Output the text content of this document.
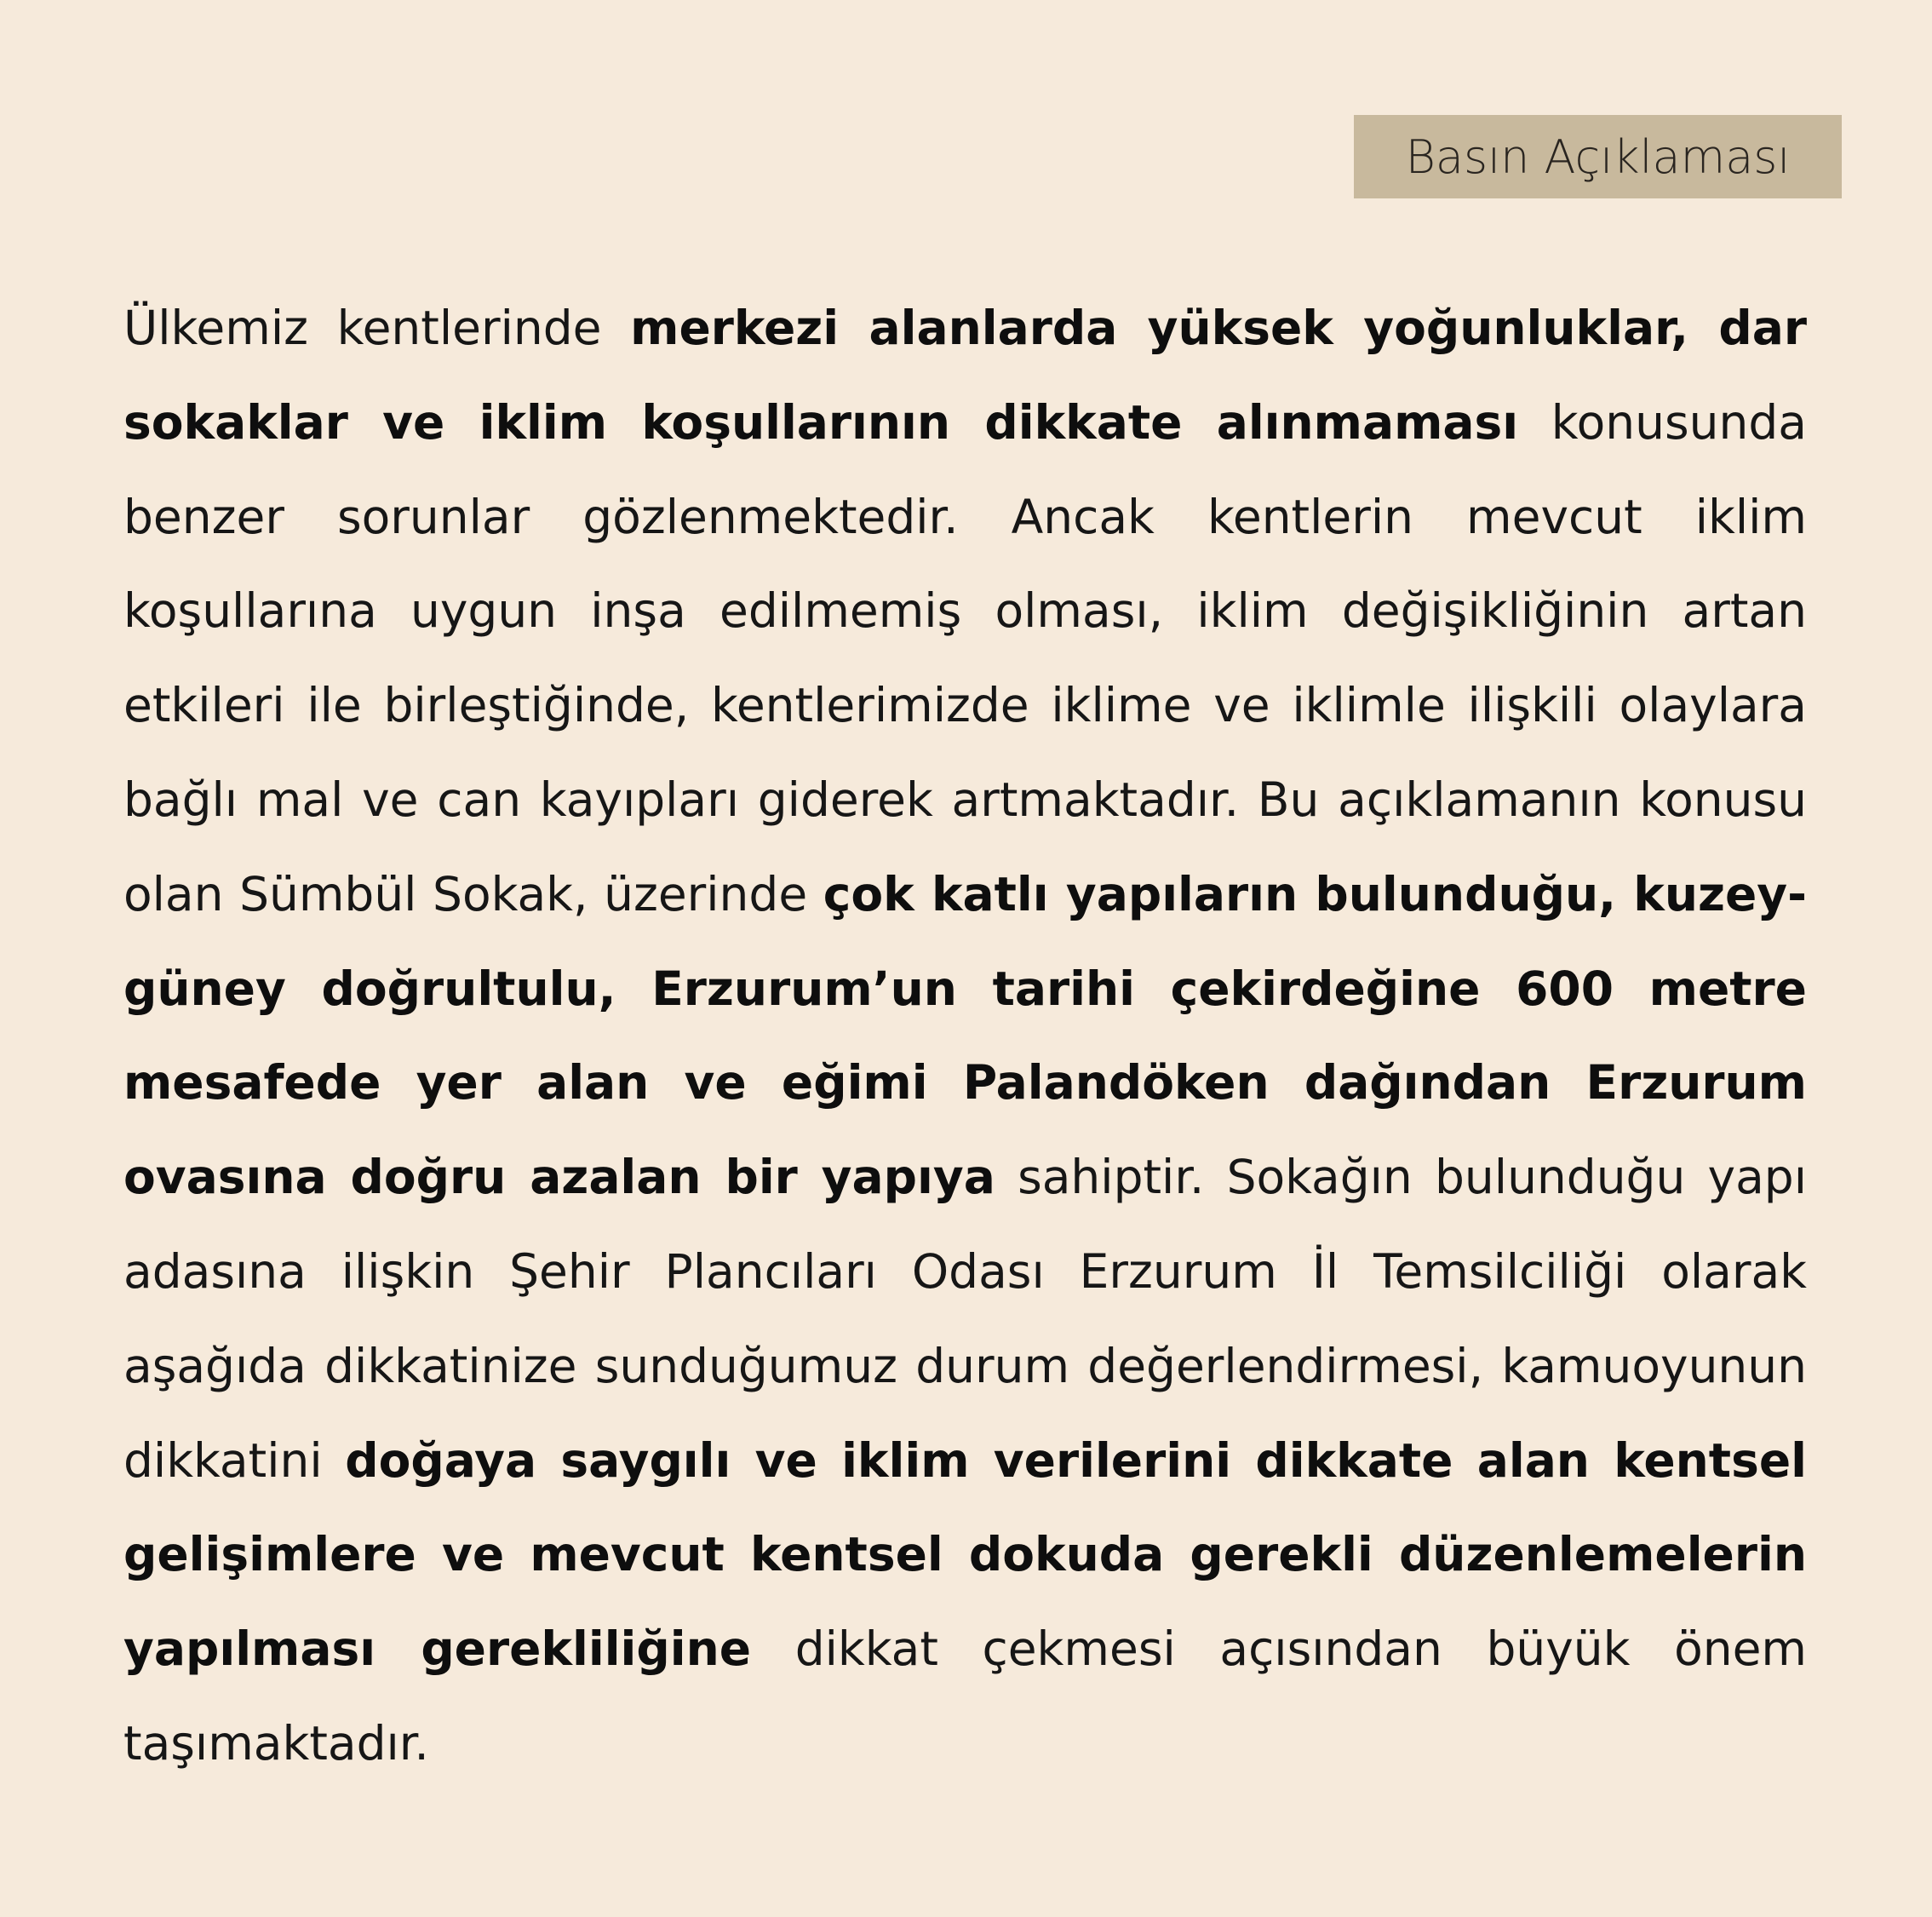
Basın Açıklaması

Ülkemiz kentlerinde merkezi alanlarda yüksek yoğunluklar, dar sokaklar ve iklim koşullarının dikkate alınmaması konusunda benzer sorunlar gözlenmektedir. Ancak kentlerin mevcut iklim koşullarına uygun inşa edilmemiş olması, iklim değişikliğinin artan etkileri ile birleştiğinde, kentlerimizde iklime ve iklimle ilişkili olaylara bağlı mal ve can kayıpları giderek artmaktadır. Bu açıklamanın konusu olan Sümbül Sokak, üzerinde çok katlı yapıların bulunduğu, kuzey-güney doğrultulu, Erzurum’un tarihi çekirdeğine 600 metre mesafede yer alan ve eğimi Palandöken dağından Erzurum ovasına doğru azalan bir yapıya sahiptir. Sokağın bulunduğu yapı adasına ilişkin Şehir Plancıları Odası Erzurum İl Temsilciliği olarak aşağıda dikkatinize sunduğumuz durum değerlendirmesi, kamuoyunun dikkatini doğaya saygılı ve iklim verilerini dikkate alan kentsel gelişimlere ve mevcut kentsel dokuda gerekli düzenlemelerin yapılması gerekliliğine dikkat çekmesi açısından büyük önem taşımaktadır.
